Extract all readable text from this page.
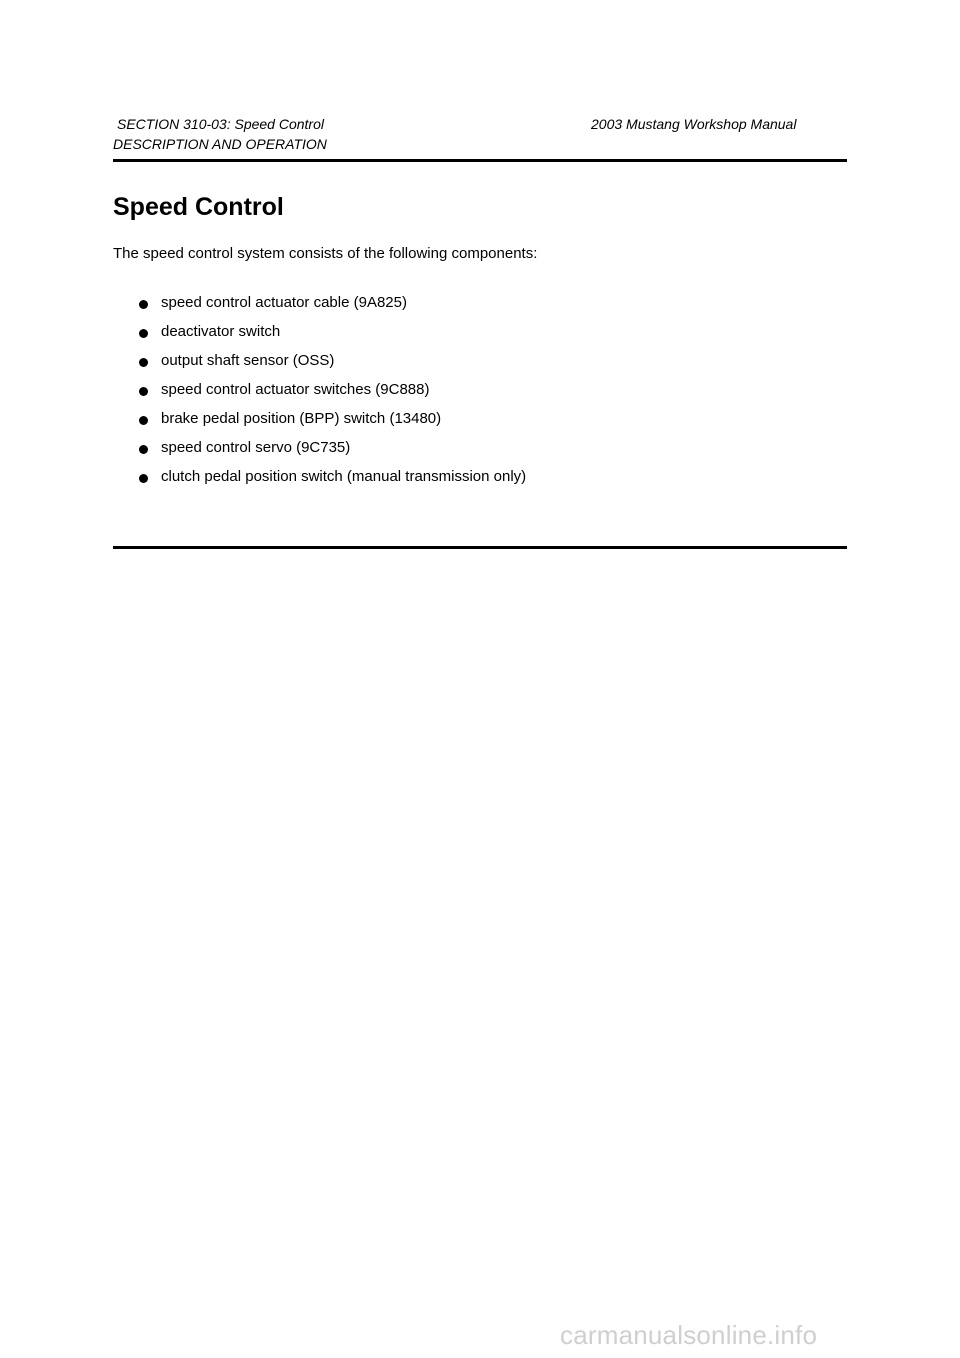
SECTION 310-03: Speed Control	2003 Mustang Workshop Manual
DESCRIPTION AND OPERATION
Speed Control
The speed control system consists of the following components:
speed control actuator cable (9A825)
deactivator switch
output shaft sensor (OSS)
speed control actuator switches (9C888)
brake pedal position (BPP) switch (13480)
speed control servo (9C735)
clutch pedal position switch (manual transmission only)
carmanualsonline.info
